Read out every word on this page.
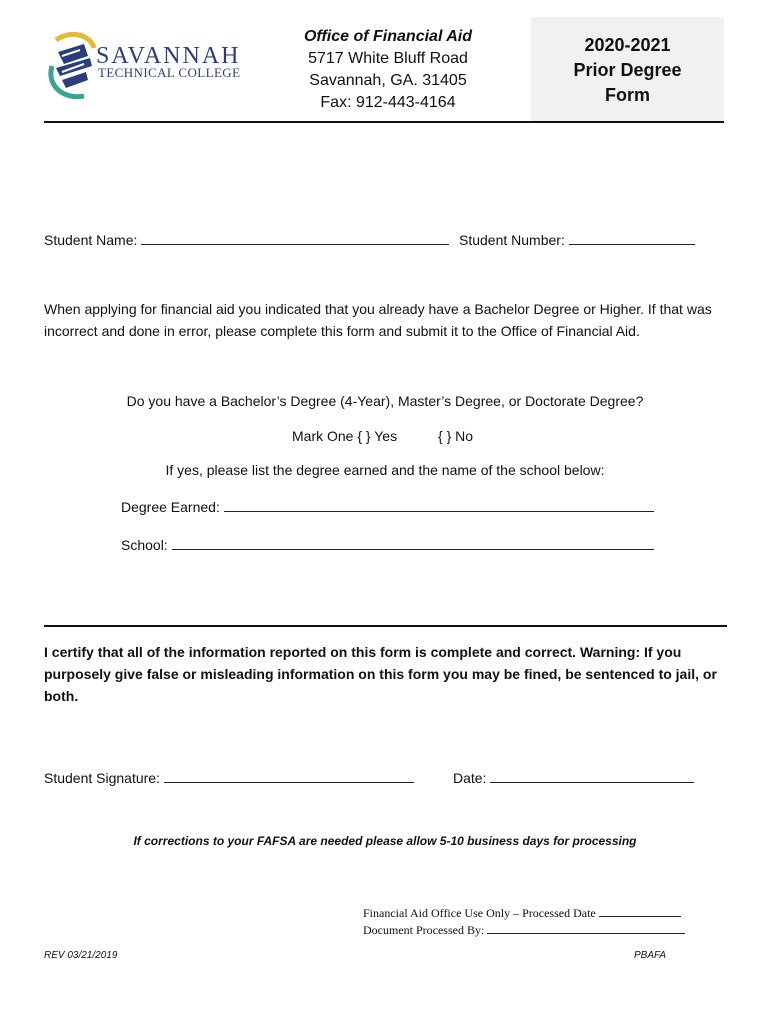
SAVANNAH
TECHNICAL COLLEGE
Office of Financial Aid
5717 White Bluff Road
Savannah, GA. 31405
Fax: 912-443-4164
2020-2021
Prior Degree
Form
Student Name:	Student Number:
When applying for financial aid you indicated that you already have a Bachelor Degree or Higher. If that was incorrect and done in error, please complete this form and submit it to the Office of Financial Aid.
Do you have a Bachelor’s Degree (4-Year), Master’s Degree, or Doctorate Degree?
Mark One { } Yes	{ } No
If yes, please list the degree earned and the name of the school below:
Degree Earned:
School:
I certify that all of the information reported on this form is complete and correct. Warning: If you purposely give false or misleading information on this form you may be fined, be sentenced to jail, or both.
Student Signature:	Date:
If corrections to your FAFSA are needed please allow 5-10 business days for processing
Financial Aid Office Use Only – Processed Date
Document Processed By:
REV 03/21/2019	PBAFA
